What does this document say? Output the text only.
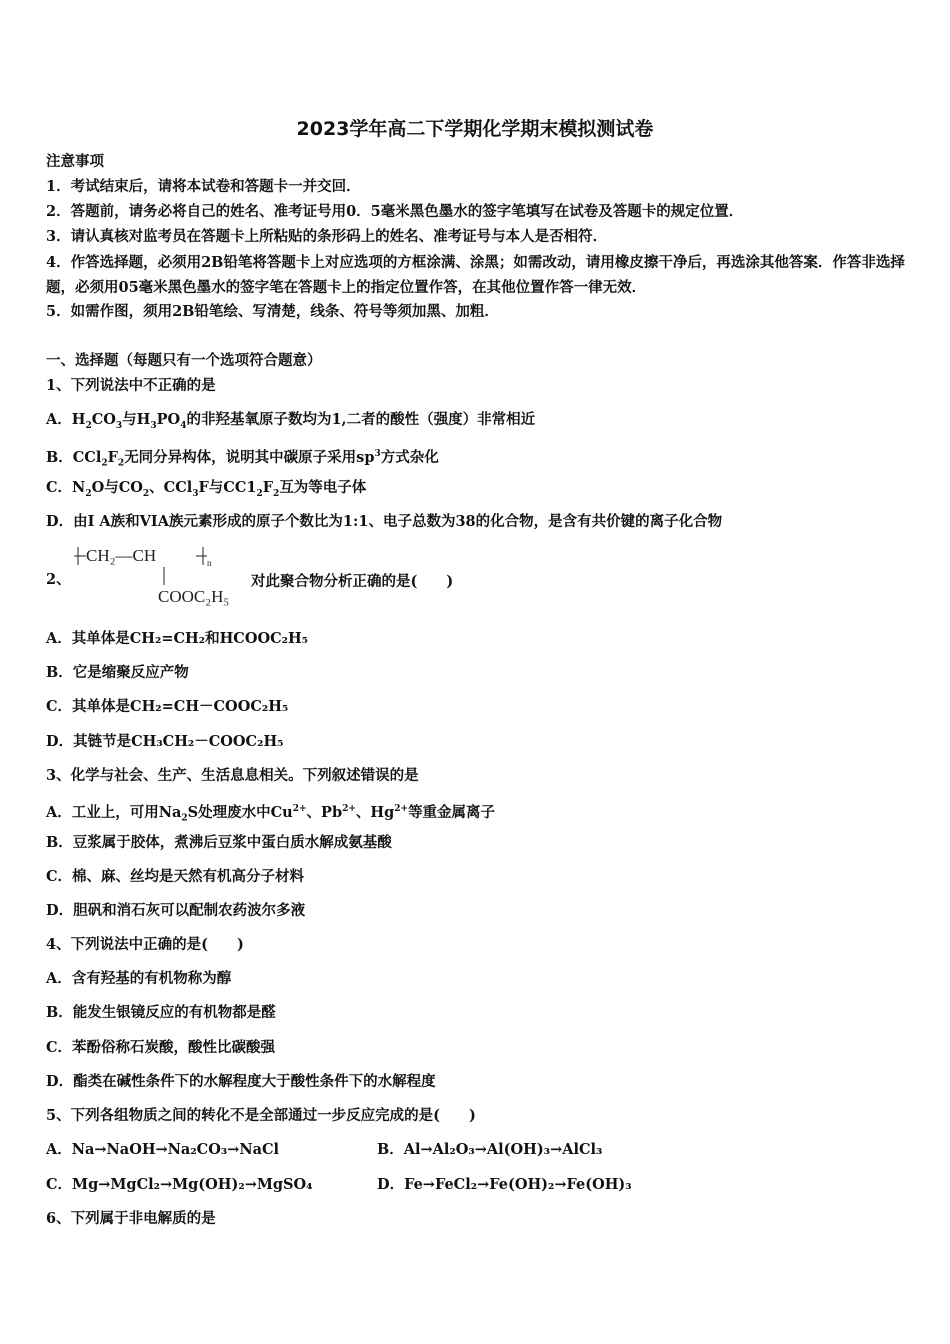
2023学年高二下学期化学期末模拟测试卷
注意事项
1．考试结束后，请将本试卷和答题卡一并交回．
2．答题前，请务必将自己的姓名、准考证号用0．5毫米黑色墨水的签字笔填写在试卷及答题卡的规定位置．
3．请认真核对监考员在答题卡上所粘贴的条形码上的姓名、准考证号与本人是否相符．
4．作答选择题，必须用2B铅笔将答题卡上对应选项的方框涂满、涂黑；如需改动，请用橡皮擦干净后，再选涂其他答案．作答非选择题，必须用05毫米黑色墨水的签字笔在答题卡上的指定位置作答，在其他位置作答一律无效．
5．如需作图，须用2B铅笔绘、写清楚，线条、符号等须加黑、加粗．
一、选择题（每题只有一个选项符合题意）
1、下列说法中不正确的是
A．$H_2CO_3$与$H_3PO_4$的非羟基氧原子数均为1,二者的酸性（强度）非常相近
B．$CCl_2F_2$无同分异构体，说明其中碳原子采用$sp^3$方式杂化
C．$N_2O$与$CO_2$、CCl$_3$F与$CC1_2F_2$互为等电子体
D．由I A族和VIA族元素形成的原子个数比为1:1、电子总数为38的化合物，是含有共价键的离子化合物
2、
CH₂—CH	n
COOC₂H₅
对此聚合物分析正确的是(　　)
A．其单体是CH₂=CH₂和HCOOC₂H₅
B．它是缩聚反应产物
C．其单体是CH₂=CH－COOC₂H₅
D．其链节是CH₃CH₂－COOC₂H₅
3、化学与社会、生产、生活息息相关。下列叙述错误的是
A．工业上，可用$Na_2S$处理废水中$Cu^{2+}$、$Pb^{2+}$、$Hg^{2+}$等重金属离子
B．豆浆属于胶体，煮沸后豆浆中蛋白质水解成氨基酸
C．棉、麻、丝均是天然有机高分子材料
D．胆矾和消石灰可以配制农药波尔多液
4、下列说法中正确的是(　　)
A．含有羟基的有机物称为醇
B．能发生银镜反应的有机物都是醛
C．苯酚俗称石炭酸，酸性比碳酸强
D．酯类在碱性条件下的水解程度大于酸性条件下的水解程度
5、下列各组物质之间的转化不是全部通过一步反应完成的是(　　)
A．Na→NaOH→Na₂CO₃→NaCl	B．Al→Al₂O₃→Al(OH)₃→AlCl₃
C．Mg→MgCl₂→Mg(OH)₂→MgSO₄	D．Fe→FeCl₂→Fe(OH)₂→Fe(OH)₃
6、下列属于非电解质的是
